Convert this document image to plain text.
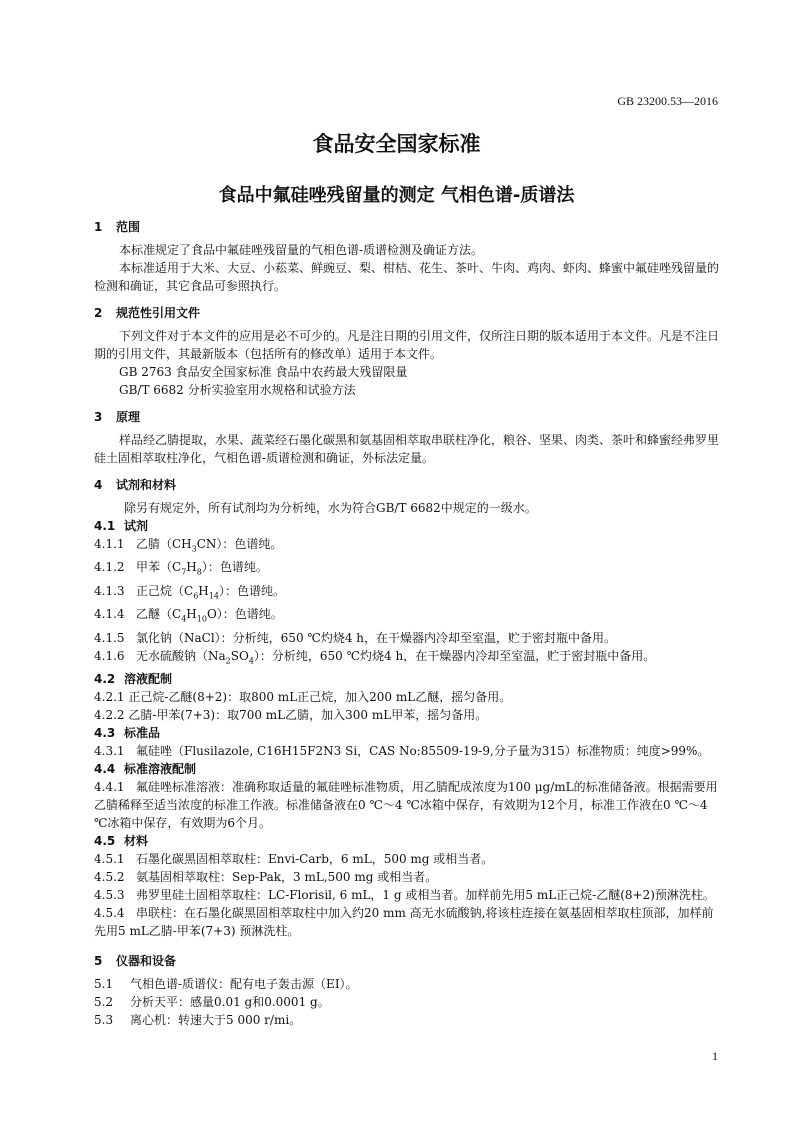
GB 23200.53—2016
食品安全国家标准
食品中氟硅唑残留量的测定 气相色谱-质谱法
1 范围

本标准规定了食品中氟硅唑残留量的气相色谱-质谱检测及确证方法。

本标准适用于大米、大豆、小菘菜、鲜豌豆、梨、柑桔、花生、茶叶、牛肉、鸡肉、虾肉、蜂蜜中氟硅唑残留量的检测和确证，其它食品可参照执行。

2 规范性引用文件

下列文件对于本文件的应用是必不可少的。凡是注日期的引用文件，仅所注日期的版本适用于本文件。凡是不注日期的引用文件，其最新版本（包括所有的修改单）适用于本文件。

GB 2763 食品安全国家标准 食品中农药最大残留限量

GB/T 6682 分析实验室用水规格和试验方法

3 原理

样品经乙腈提取，水果、蔬菜经石墨化碳黑和氨基固相萃取串联柱净化，粮谷、坚果、肉类、茶叶和蜂蜜经弗罗里硅土固相萃取柱净化，气相色谱-质谱检测和确证，外标法定量。

4 试剂和材料

除另有规定外，所有试剂均为分析纯，水为符合GB/T 6682中规定的一级水。

4.1 试剂

4.1.1 乙腈$(CH_3CN)$：色谱纯。

4.1.2 甲苯$(C_7H_8)$：色谱纯。

4.1.3 正己烷$(C_6H_{14})$：色谱纯。

4.1.4 乙醚$(C_4H_{10}O)$：色谱纯。

4.1.5 氯化钠（NaCl）：分析纯，650 ℃灼烧4 h，在干燥器内冷却至室温，贮于密封瓶中备用。

4.1.6 无水硫酸钠$(Na_2SO_4)$：分析纯，650 ℃灼烧4 h，在干燥器内冷却至室温，贮于密封瓶中备用。

4.2 溶液配制

4.2.1 正己烷-乙醚(8+2)：取800 mL正己烷，加入200 mL乙醚，摇匀备用。

4.2.2 乙腈-甲苯(7+3)：取700 mL乙腈，加入300 mL甲苯，摇匀备用。

4.3 标准品

4.3.1 氟硅唑（Flusilazole, C16H15F2N3 Si，CAS No:85509-19-9,分子量为315）标准物质：纯度>99%。

4.4 标准溶液配制

4.4.1 氟硅唑标准溶液：准确称取适量的氟硅唑标准物质，用乙腈配成浓度为100 μg/mL的标准储备液。根据需要用乙腈稀释至适当浓度的标准工作液。标准储备液在0 ℃～4 ℃冰箱中保存，有效期为12个月，标准工作液在0 ℃～4 ℃冰箱中保存，有效期为6个月。

4.5 材料

4.5.1 石墨化碳黑固相萃取柱：Envi-Carb，6 mL，500 mg 或相当者。

4.5.2 氨基固相萃取柱：Sep-Pak，3 mL,500 mg 或相当者。

4.5.3 弗罗里硅土固相萃取柱：LC-Florisil, 6 mL，1 g 或相当者。加样前先用5 mL正己烷-乙醚(8+2)预淋洗柱。

4.5.4 串联柱：在石墨化碳黑固相萃取柱中加入约20 mm 高无水硫酸钠,将该柱连接在氨基固相萃取柱顶部，加样前先用5 mL乙腈-甲苯(7+3) 预淋洗柱。

5 仪器和设备

5.1 气相色谱-质谱仪：配有电子轰击源（EI）。

5.2 分析天平：感量0.01 g和0.0001 g。

5.3 离心机：转速大于5 000 r/mi。

1
